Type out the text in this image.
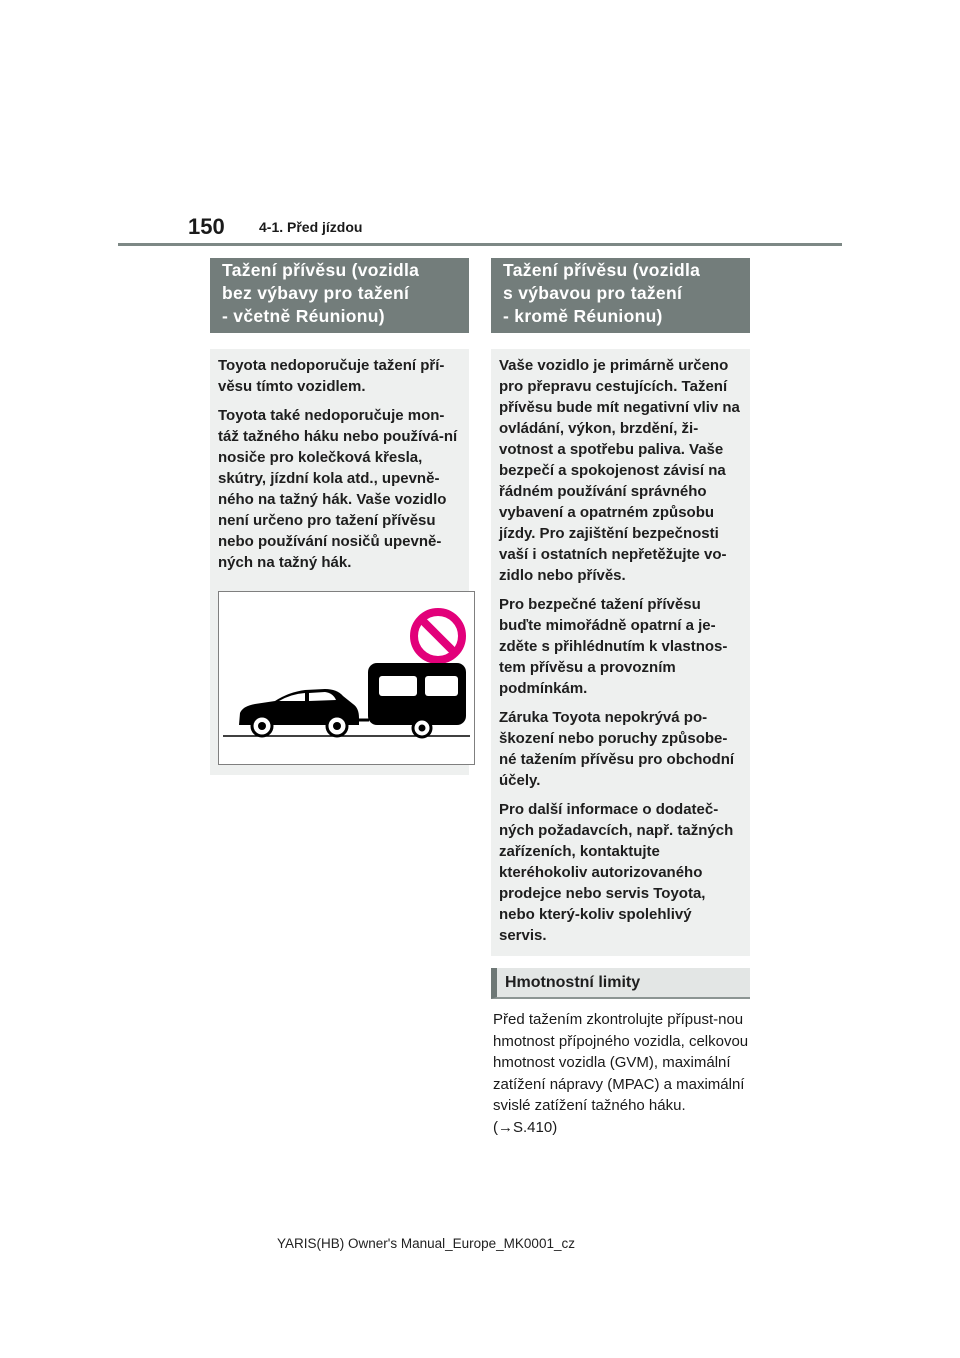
150 4-1. Před jízdou
Tažení přívěsu (vozidla
bez výbavy pro tažení
- včetně Réunionu)

Toyota nedoporučuje tažení pří-​věsu tímto vozidlem.

Toyota také nedoporučuje mon-​táž tažného háku nebo používá-​ní nosiče pro kolečková křesla, skútry, jízdní kola atd., upevně-​ného na tažný hák. Vaše vozidlo není určeno pro tažení přívěsu nebo používání nosičů upevně-​ných na tažný hák.

Tažení přívěsu (vozidla
s výbavou pro tažení
- kromě Réunionu)

Vaše vozidlo je primárně určeno pro přepravu cestujících. Tažení přívěsu bude mít negativní vliv na ovládání, výkon, brzdění, ži-​votnost a spotřebu paliva. Vaše bezpečí a spokojenost závisí na řádném používání správného vybavení a opatrném způsobu jízdy. Pro zajištění bezpečnosti vaší i ostatních nepřetěžujte vo-​zidlo nebo přívěs.

Pro bezpečné tažení přívěsu buďte mimořádně opatrní a je-​zděte s přihlédnutím k vlastnos-​tem přívěsu a provozním podmínkám.

Záruka Toyota nepokrývá po-​škození nebo poruchy způsobe-​né tažením přívěsu pro obchodní účely.

Pro další informace o dodateč-​ných požadavcích, např. tažných zařízeních, kontaktujte kteréhokoliv autorizovaného prodejce nebo servis Toyota, nebo který-​koliv spolehlivý servis.

Hmotnostní limity
Před tažením zkontrolujte přípust-​nou hmotnost přípojného vozidla, celkovou hmotnost vozidla (GVM), maximální zatížení nápravy (MPAC) a maximální svislé zatížení tažného háku. (→S.410)
YARIS(HB) Owner's Manual_Europe_MK0001_cz
